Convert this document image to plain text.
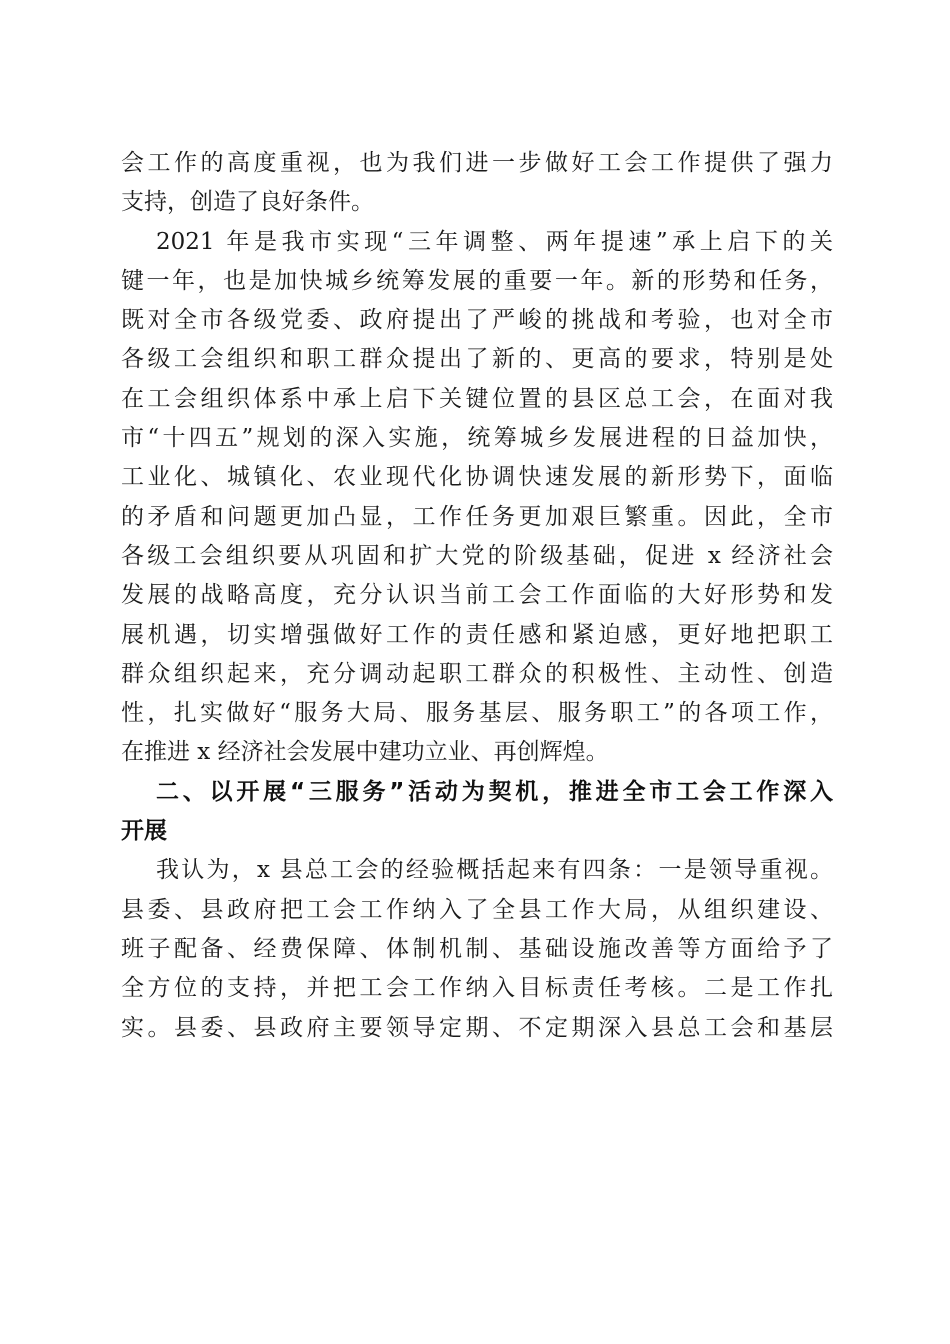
会工作的高度重视，也为我们进一步做好工会工作提供了强力
支持，创造了良好条件。
2021 年是我市实现“三年调整、两年提速”承上启下的关
键一年，也是加快城乡统筹发展的重要一年。新的形势和任务，
既对全市各级党委、政府提出了严峻的挑战和考验，也对全市
各级工会组织和职工群众提出了新的、更高的要求，特别是处
在工会组织体系中承上启下关键位置的县区总工会，在面对我
市“十四五”规划的深入实施，统筹城乡发展进程的日益加快，
工业化、城镇化、农业现代化协调快速发展的新形势下，面临
的矛盾和问题更加凸显，工作任务更加艰巨繁重。因此，全市
各级工会组织要从巩固和扩大党的阶级基础，促进 x 经济社会
发展的战略高度，充分认识当前工会工作面临的大好形势和发
展机遇，切实增强做好工作的责任感和紧迫感，更好地把职工
群众组织起来，充分调动起职工群众的积极性、主动性、创造
性，扎实做好“服务大局、服务基层、服务职工”的各项工作，
在推进 x 经济社会发展中建功立业、再创辉煌。
二、以开展“三服务”活动为契机，推进全市工会工作深入
开展
我认为，x 县总工会的经验概括起来有四条：一是领导重视。
县委、县政府把工会工作纳入了全县工作大局，从组织建设、
班子配备、经费保障、体制机制、基础设施改善等方面给予了
全方位的支持，并把工会工作纳入目标责任考核。二是工作扎
实。县委、县政府主要领导定期、不定期深入县总工会和基层
